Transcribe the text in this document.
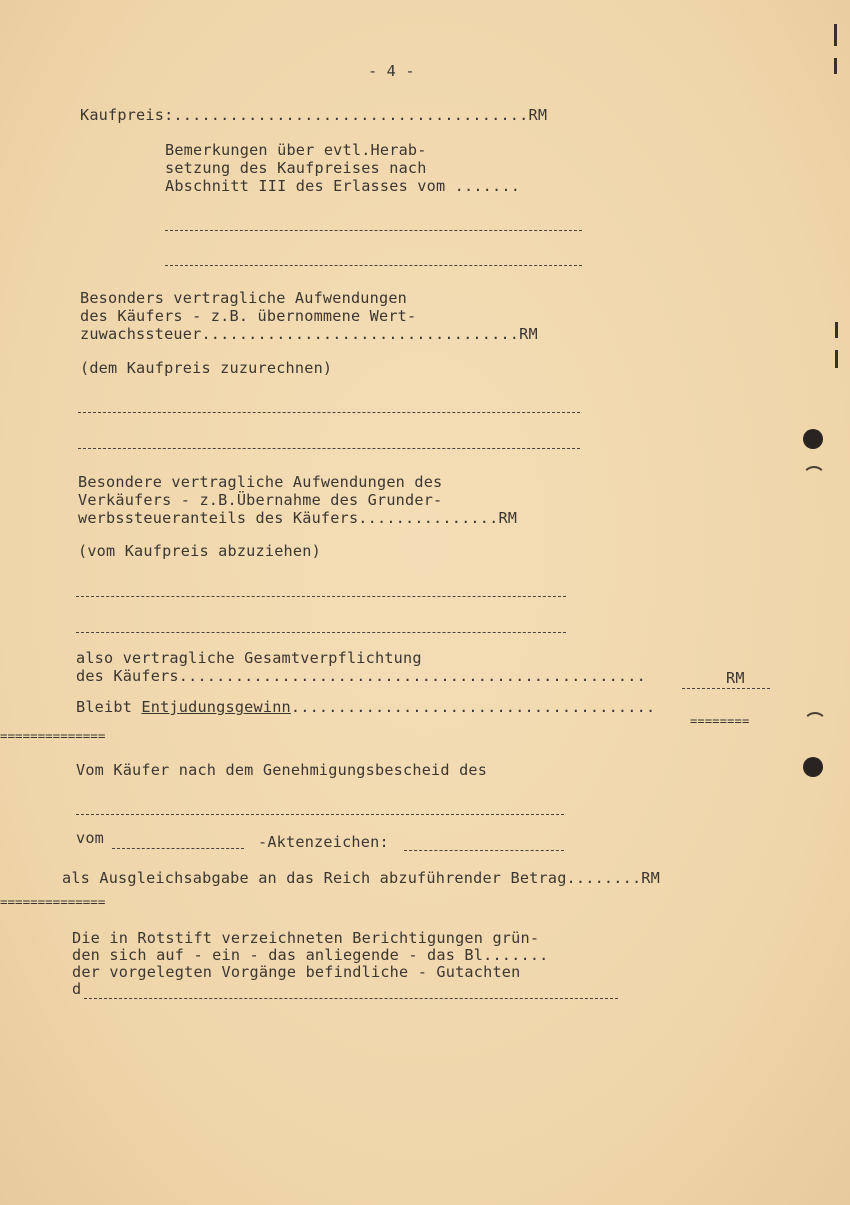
- 4 -

Kaufpreis:......................................RM

Bemerkungen über evtl.Herab-

setzung des Kaufpreises nach

Abschnitt III des Erlasses vom .......

Besonders vertragliche Aufwendungen

des Käufers - z.B. übernommene Wert-

zuwachssteuer..................................RM

(dem Kaufpreis zuzurechnen)

Besondere vertragliche Aufwendungen des

Verkäufers - z.B.Übernahme des Grunder-

werbssteueranteils des Käufers...............RM

(vom Kaufpreis abzuziehen)

also vertragliche Gesamtverpflichtung

des Käufers..................................................	RM

Bleibt Entjudungsgewinn.......................................

========

==============

Vom Käufer nach dem Genehmigungsbescheid des

vom	-Aktenzeichen:

als Ausgleichsabgabe an das Reich abzuführender Betrag........RM

==============

Die in Rotstift verzeichneten Berichtigungen grün-

den sich auf - ein - das anliegende - das Bl.......

der vorgelegten Vorgänge befindliche - Gutachten

d
